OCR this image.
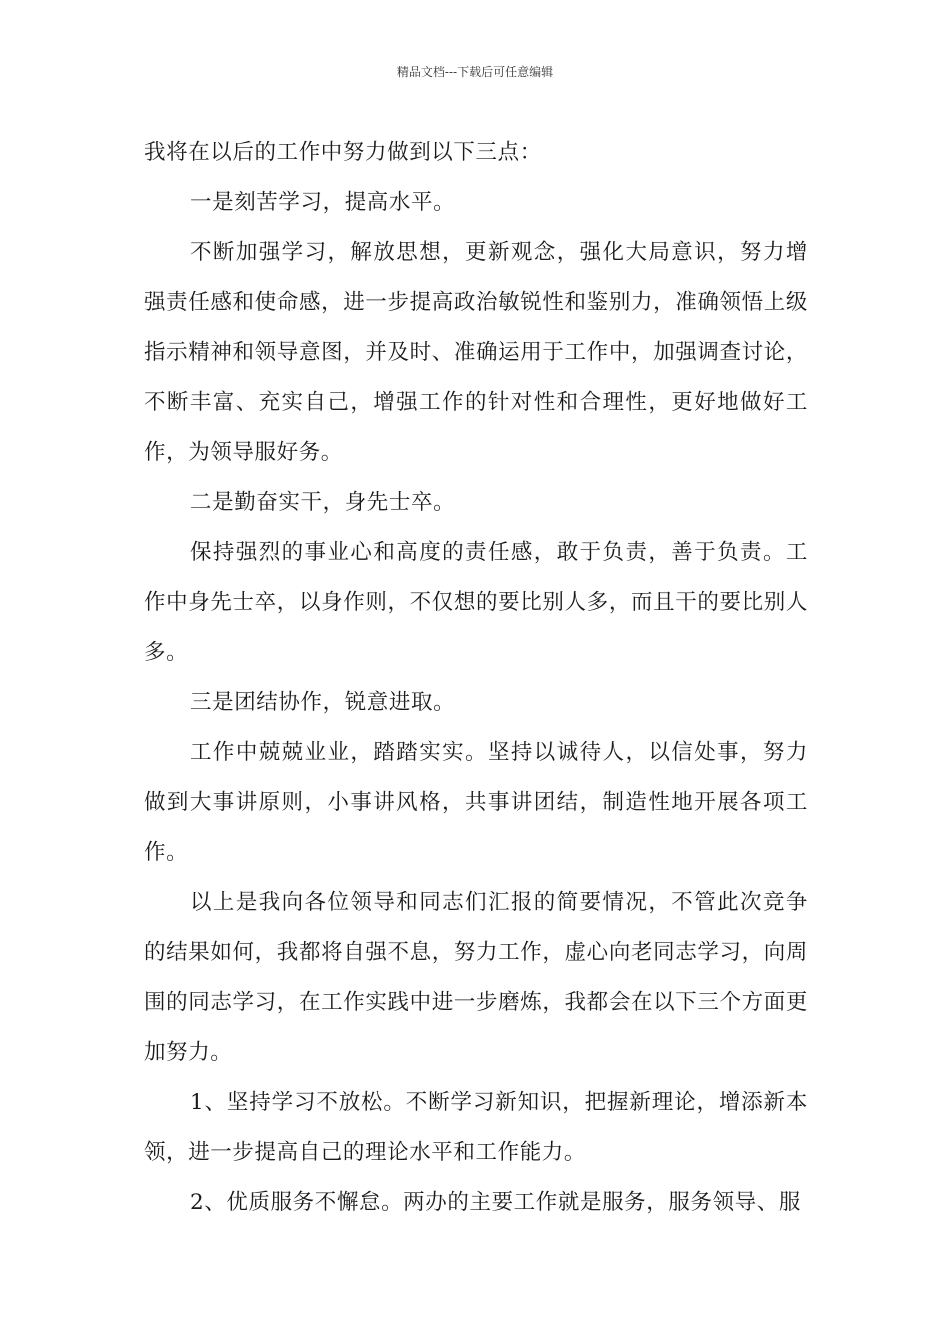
精品文档---下载后可任意编辑

我将在以后的工作中努力做到以下三点：

一是刻苦学习，提高水平。

不断加强学习，解放思想，更新观念，强化大局意识，努力增强责任感和使命感，进一步提高政治敏锐性和鉴别力，准确领悟上级指示精神和领导意图，并及时、准确运用于工作中，加强调查讨论，不断丰富、充实自己，增强工作的针对性和合理性，更好地做好工作，为领导服好务。

二是勤奋实干，身先士卒。

保持强烈的事业心和高度的责任感，敢于负责，善于负责。工作中身先士卒，以身作则，不仅想的要比别人多，而且干的要比别人多。

三是团结协作，锐意进取。

工作中兢兢业业，踏踏实实。坚持以诚待人，以信处事，努力做到大事讲原则，小事讲风格，共事讲团结，制造性地开展各项工作。

以上是我向各位领导和同志们汇报的简要情况，不管此次竞争的结果如何，我都将自强不息，努力工作，虚心向老同志学习，向周围的同志学习，在工作实践中进一步磨炼，我都会在以下三个方面更加努力。

1、坚持学习不放松。不断学习新知识，把握新理论，增添新本领，进一步提高自己的理论水平和工作能力。

2、优质服务不懈怠。两办的主要工作就是服务，服务领导、服
